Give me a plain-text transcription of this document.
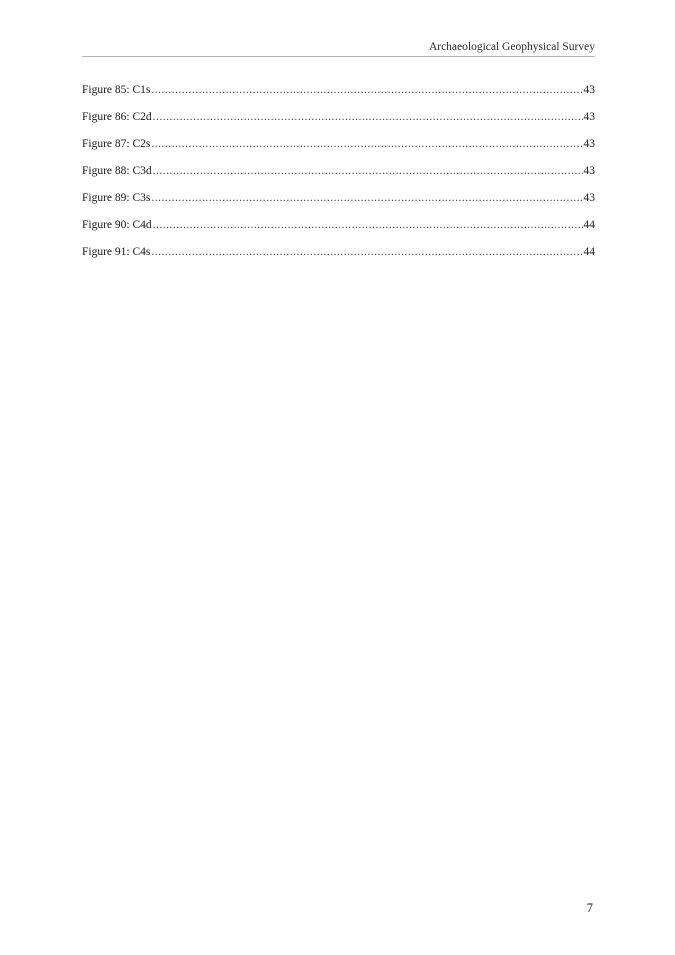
Archaeological Geophysical Survey
Figure 85: C1s .....	43
Figure 86: C2d .....	43
Figure 87: C2s .....	43
Figure 88: C3d .....	43
Figure 89: C3s .....	43
Figure 90: C4d .....	44
Figure 91: C4s .....	44
7
